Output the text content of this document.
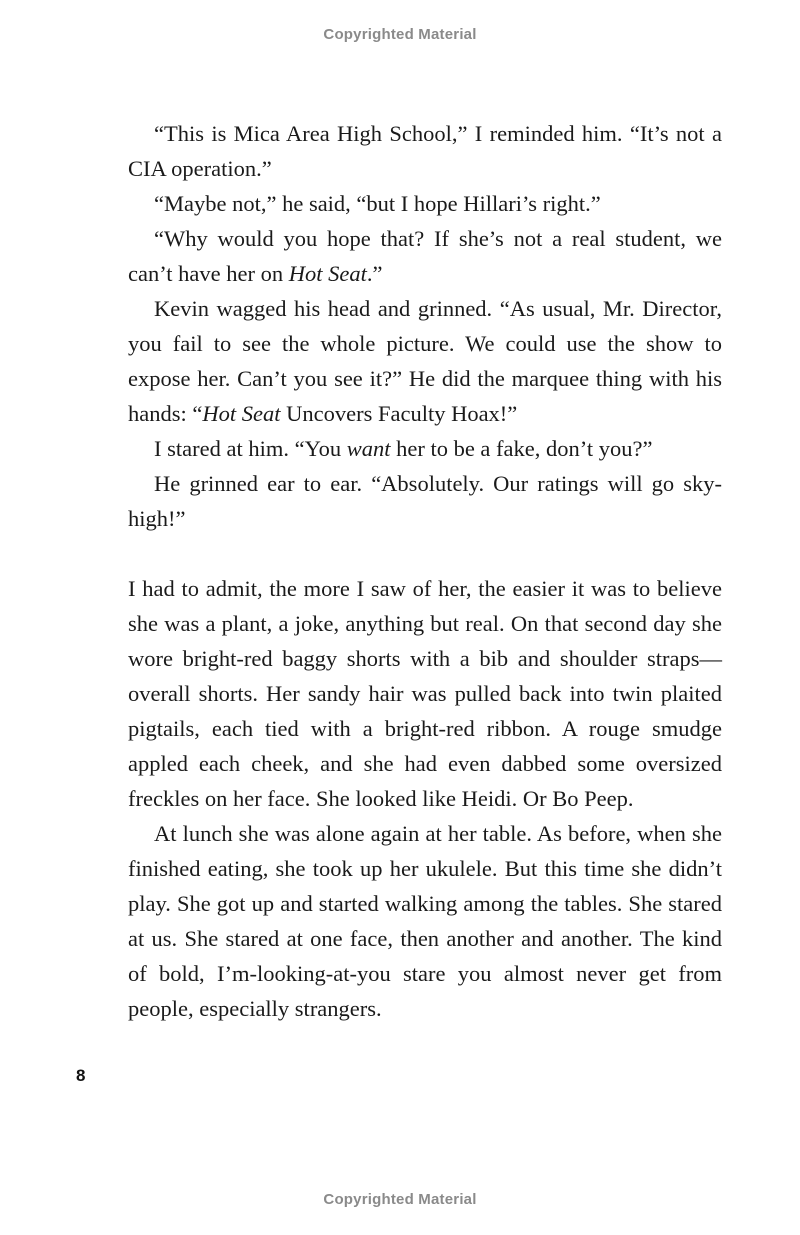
Copyrighted Material

“This is Mica Area High School,” I reminded him. “It’s not a CIA operation.”

“Maybe not,” he said, “but I hope Hillari’s right.”

“Why would you hope that? If she’s not a real student, we can’t have her on Hot Seat.”

Kevin wagged his head and grinned. “As usual, Mr. Director, you fail to see the whole picture. We could use the show to expose her. Can’t you see it?” He did the marquee thing with his hands: “Hot Seat Uncovers Faculty Hoax!”

I stared at him. “You want her to be a fake, don’t you?”

He grinned ear to ear. “Absolutely. Our ratings will go sky-high!”

I had to admit, the more I saw of her, the easier it was to believe she was a plant, a joke, anything but real. On that second day she wore bright-red baggy shorts with a bib and shoulder straps—overall shorts. Her sandy hair was pulled back into twin plaited pigtails, each tied with a bright-red ribbon. A rouge smudge appled each cheek, and she had even dabbed some oversized freckles on her face. She looked like Heidi. Or Bo Peep.

At lunch she was alone again at her table. As before, when she finished eating, she took up her ukulele. But this time she didn’t play. She got up and started walking among the tables. She stared at us. She stared at one face, then another and another. The kind of bold, I’m-looking-at-you stare you almost never get from people, especially strangers.

8
Copyrighted Material
